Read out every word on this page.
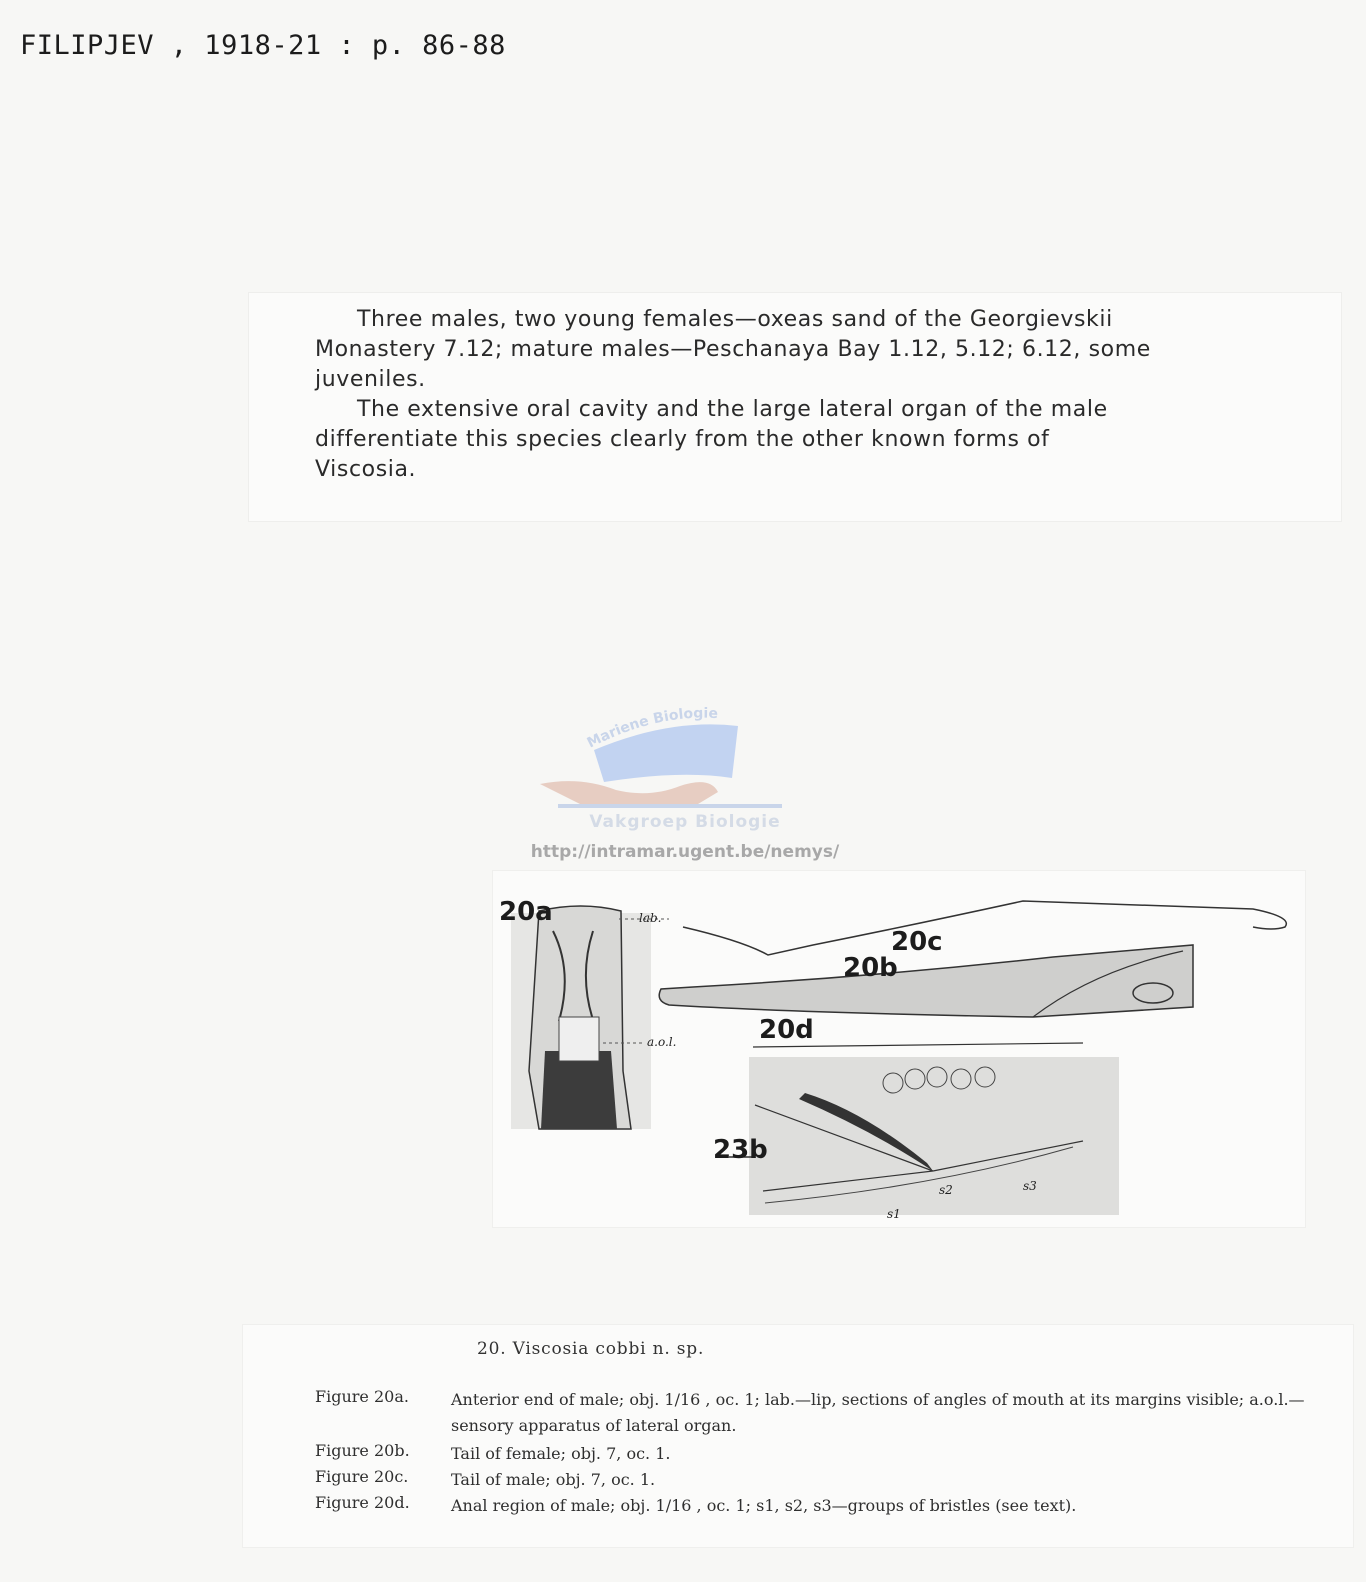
FILIPJEV , 1918-21 : p. 86-88

Three males, two young females—oxeas sand of the Georgievskii
Monastery 7.12; mature males—Peschanaya Bay 1.12, 5.12; 6.12, some
juveniles.

The extensive oral cavity and the large lateral organ of the male
differentiate this species clearly from the other known forms of
Viscosia.

Mariene Biologie
Vakgroep Biologie
http://intramar.ugent.be/nemys/
20a	lab.
a.o.l.
20c
20b
20d
23b
s1
s2	s3
20. Viscosia cobbi n. sp.
Figure 20a.	Anterior end of male; obj. 1/16 , oc. 1; lab.—lip, sections of angles of mouth at its margins visible; a.o.l.—sensory apparatus of lateral organ.
Figure 20b.	Tail of female; obj. 7, oc. 1.
Figure 20c.	Tail of male; obj. 7, oc. 1.
Figure 20d.	Anal region of male; obj. 1/16 , oc. 1; s1, s2, s3—groups of bristles (see text).
